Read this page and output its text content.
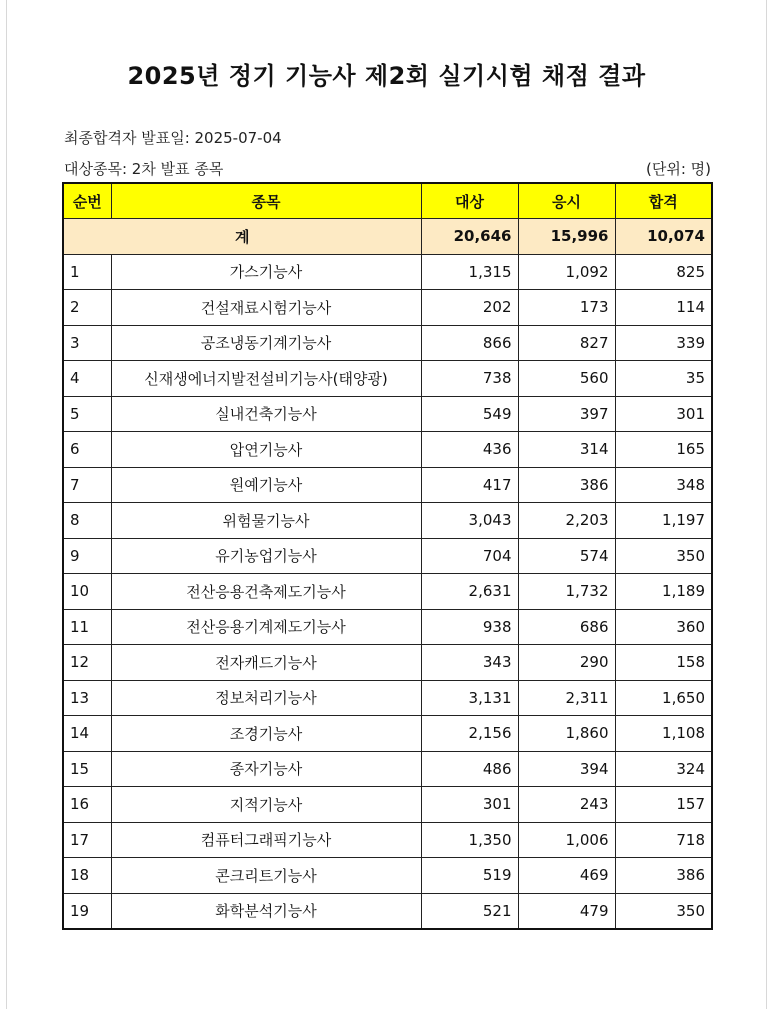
2025년 정기 기능사 제2회 실기시험 채점 결과
최종합격자 발표일: 2025-07-04
대상종목: 2차 발표 종목	(단위: 명)
순번	종목	대상	응시	합격
계		20,646	15,996	10,074
1	가스기능사	1,315	1,092	825
2	건설재료시험기능사	202	173	114
3	공조냉동기계기능사	866	827	339
4	신재생에너지발전설비기능사(태양광)	738	560	35
5	실내건축기능사	549	397	301
6	압연기능사	436	314	165
7	원예기능사	417	386	348
8	위험물기능사	3,043	2,203	1,197
9	유기농업기능사	704	574	350
10	전산응용건축제도기능사	2,631	1,732	1,189
11	전산응용기계제도기능사	938	686	360
12	전자캐드기능사	343	290	158
13	정보처리기능사	3,131	2,311	1,650
14	조경기능사	2,156	1,860	1,108
15	종자기능사	486	394	324
16	지적기능사	301	243	157
17	컴퓨터그래픽기능사	1,350	1,006	718
18	콘크리트기능사	519	469	386
19	화학분석기능사	521	479	350
